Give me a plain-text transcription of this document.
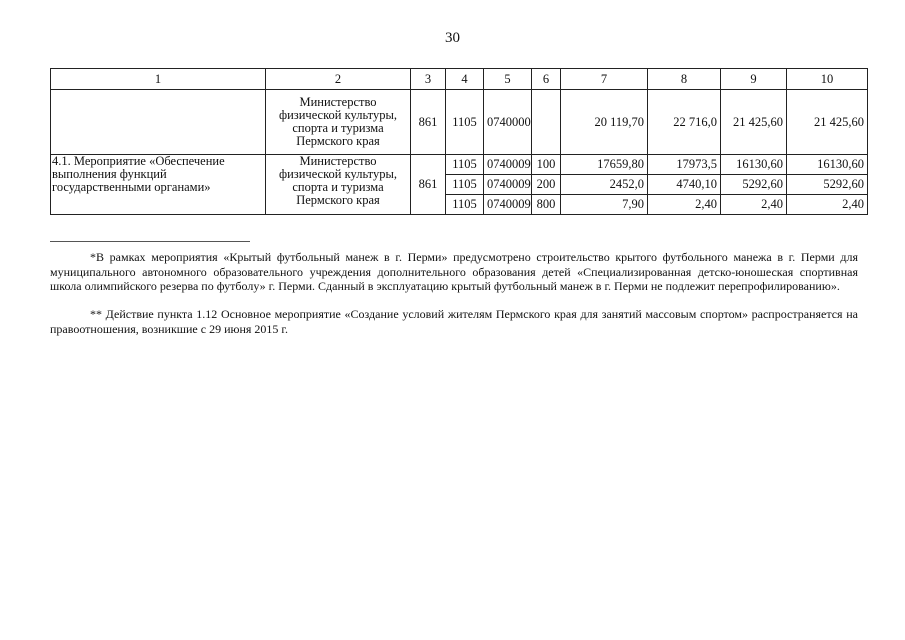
30
1	2	3	4	5	6	7	8	9	10
	Министерство физической культуры, спорта и туризма Пермского края	861	1105	0740000		20 119,70	22 716,0	21 425,60	21 425,60
4.1. Мероприятие «Обеспечение выполнения функций государственными органами»	Министерство физической культуры, спорта и туризма Пермского края	861	1105	0740009	100	17659,80	17973,5	16130,60	16130,60
			1105	0740009	200	2452,0	4740,10	5292,60	5292,60
			1105	0740009	800	7,90	2,40	2,40	2,40

*В рамках мероприятия «Крытый футбольный манеж в г. Перми» предусмотрено строительство крытого футбольного манежа в г. Перми для муниципального автономного образовательного учреждения дополнительного образования детей «Специализированная детско-юношеская спортивная школа олимпийского резерва по футболу» г. Перми. Сданный в эксплуатацию крытый футбольный манеж в г. Перми не подлежит перепрофилированию».

** Действие пункта 1.12 Основное мероприятие «Создание условий жителям Пермского края для занятий массовым спортом» распространяется на правоотношения, возникшие с 29 июня 2015 г.
